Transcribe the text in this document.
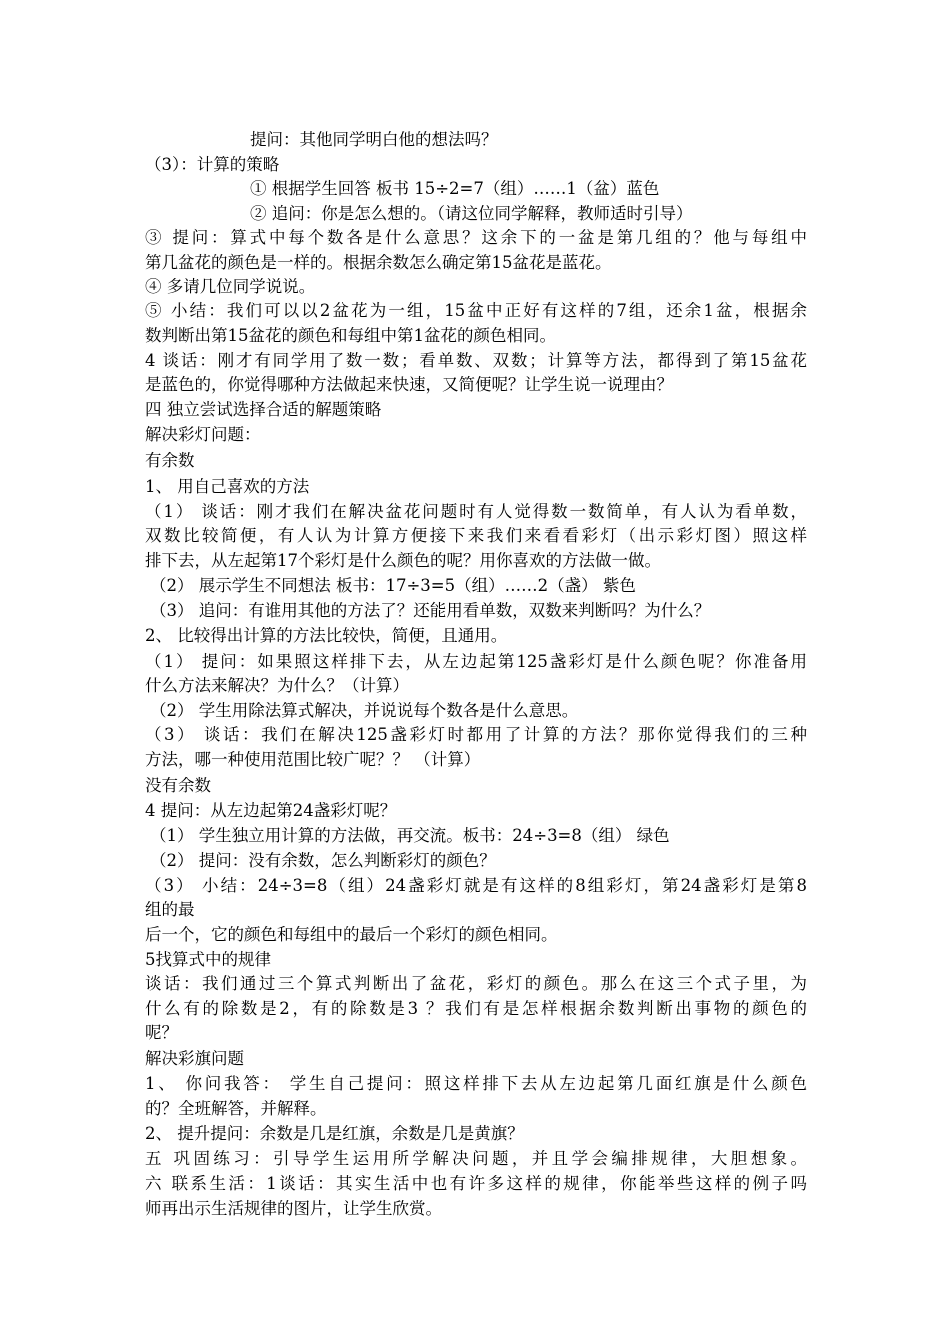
提问：其他同学明白他的想法吗？
（3）：计算的策略
① 根据学生回答 板书 15÷2=7（组）……1（盆）蓝色
② 追问：你是怎么想的。（请这位同学解释，教师适时引导）
③ 提问：算式中每个数各是什么意思？这余下的一盆是第几组的？他与每组中
第几盆花的颜色是一样的。根据余数怎么确定第15盆花是蓝花。
④ 多请几位同学说说。
⑤ 小结：我们可以以2盆花为一组，15盆中正好有这样的7组，还余1盆，根据余
数判断出第15盆花的颜色和每组中第1盆花的颜色相同。
4 谈话：刚才有同学用了数一数；看单数、双数；计算等方法，都得到了第15盆花
是蓝色的，你觉得哪种方法做起来快速，又简便呢？让学生说一说理由？
四 独立尝试选择合适的解题策略
解决彩灯问题：
有余数
1、 用自己喜欢的方法
（1） 谈话：刚才我们在解决盆花问题时有人觉得数一数简单，有人认为看单数，
双数比较简便，有人认为计算方便接下来我们来看看彩灯（出示彩灯图）照这样
排下去，从左起第17个彩灯是什么颜色的呢？用你喜欢的方法做一做。
（2） 展示学生不同想法 板书：17÷3=5（组）……2（盏） 紫色
（3） 追问：有谁用其他的方法了？还能用看单数，双数来判断吗？为什么？
2、 比较得出计算的方法比较快，简便，且通用。
（1） 提问：如果照这样排下去，从左边起第125盏彩灯是什么颜色呢？你准备用
什么方法来解决？为什么？（计算）
（2） 学生用除法算式解决，并说说每个数各是什么意思。
（3） 谈话：我们在解决125盏彩灯时都用了计算的方法？那你觉得我们的三种
方法，哪一种使用范围比较广呢？？ （计算）
没有余数
4 提问：从左边起第24盏彩灯呢？
（1） 学生独立用计算的方法做，再交流。板书：24÷3=8（组） 绿色
（2） 提问：没有余数，怎么判断彩灯的颜色？
（3） 小结：24÷3=8（组）24盏彩灯就是有这样的8组彩灯，第24盏彩灯是第8
组的最
后一个，它的颜色和每组中的最后一个彩灯的颜色相同。
5找算式中的规律
谈话：我们通过三个算式判断出了盆花，彩灯的颜色。那么在这三个式子里，为
什么有的除数是2，有的除数是3 ？我们有是怎样根据余数判断出事物的颜色的
呢？
解决彩旗问题
1、 你问我答： 学生自己提问：照这样排下去从左边起第几面红旗是什么颜色
的？全班解答，并解释。
2、 提升提问：余数是几是红旗，余数是几是黄旗？
五 巩固练习：引导学生运用所学解决问题，并且学会编排规律，大胆想象。
六 联系生活：1谈话：其实生活中也有许多这样的规律，你能举些这样的例子吗
师再出示生活规律的图片，让学生欣赏。
